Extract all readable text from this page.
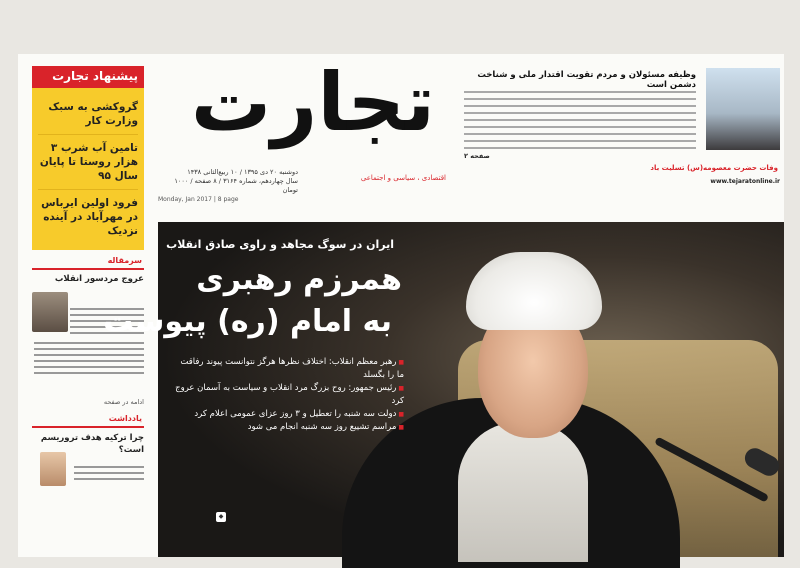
پیشنهاد تجارت
گروکشی به سبک وزارت کار
تامین آب شرب ۳ هزار روستا تا پایان سال ۹۵
فرود اولین ایرباس در مهرآباد در آینده نزدیک
سرمقاله
عروج مردسور انقلاب
ادامه در صفحه
یادداشت
چرا ترکیه هدف تروریسم است؟
تجارت
دوشنبه ۲۰ دی ۱۳۹۵ / ۱۰ ربیع‌الثانی ۱۴۳۸
سال چهاردهم، شماره ۳۱۶۴ / ۸ صفحه / ۱۰۰۰ تومان
Monday, Jan 2017 | 8 page
اقتصادی ، سیاسی و اجتماعی
وظیفه مسئولان و مردم تقویت اقتدار ملی و شناخت دشمن است
صفحه ۲
وفات حضرت معصومه(س) تسلیت باد
www.tejaratonline.ir
ایران در سوگ مجاهد و راوی صادق انقلاب
همرزم رهبری
به امام (ره) پیوست
■ رهبر معظم انقلاب: اختلاف نظرها هرگز نتوانست پیوند رفاقت ما را بگسلد
■ رئیس جمهور: روح بزرگ مرد انقلاب و سیاست به آسمان عروج کرد
■ دولت سه شنبه را تعطیل و ۳ روز عزای عمومی اعلام کرد
■ مراسم تشییع روز سه شنبه انجام می شود
◆
